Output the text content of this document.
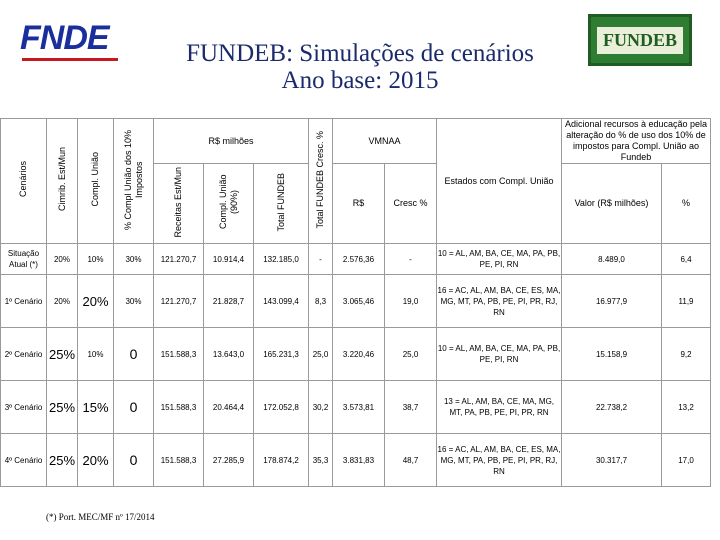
FNDE	FUNDEB
FUNDEB: Simulações de cenários
Ano base: 2015
Cenários	Cimrib. Est/Mun	Compl. União	% Compl União dos 10% Impostos	R$ milhões			Total FUNDEB Cresc. %	VMNAA		Estados com Compl. União	Adicional recursos à educação pela alteração do % de uso dos 10% de impostos para Compl. União ao Fundeb	
				Receitas Est/Mun	Compl. União (90%)	Total FUNDEB		R$	Cresc %		Valor (R$ milhões)	%
Situação Atual (*)	20%	10%	30%	121.270,7	10.914,4	132.185,0	-	2.576,36	-	10 = AL, AM, BA, CE, MA, PA, PB, PE, PI, RN	8.489,0	6,4
1º Cenário	20%	20%	30%	121.270,7	21.828,7	143.099,4	8,3	3.065,46	19,0	16 = AC, AL, AM, BA, CE, ES, MA, MG, MT, PA, PB, PE, PI, PR, RJ, RN	16.977,9	11,9
2º Cenário	25%	10%	0	151.588,3	13.643,0	165.231,3	25,0	3.220,46	25,0	10 = AL, AM, BA, CE, MA, PA, PB, PE, PI, RN	15.158,9	9,2
3º Cenário	25%	15%	0	151.588,3	20.464,4	172.052,8	30,2	3.573,81	38,7	13 = AL, AM, BA, CE, MA, MG, MT, PA, PB, PE, PI, PR, RN	22.738,2	13,2
4º Cenário	25%	20%	0	151.588,3	27.285,9	178.874,2	35,3	3.831,83	48,7	16 = AC, AL, AM, BA, CE, ES, MA, MG, MT, PA, PB, PE, PI, PR, RJ, RN	30.317,7	17,0
(*) Port. MEC/MF nº 17/2014
